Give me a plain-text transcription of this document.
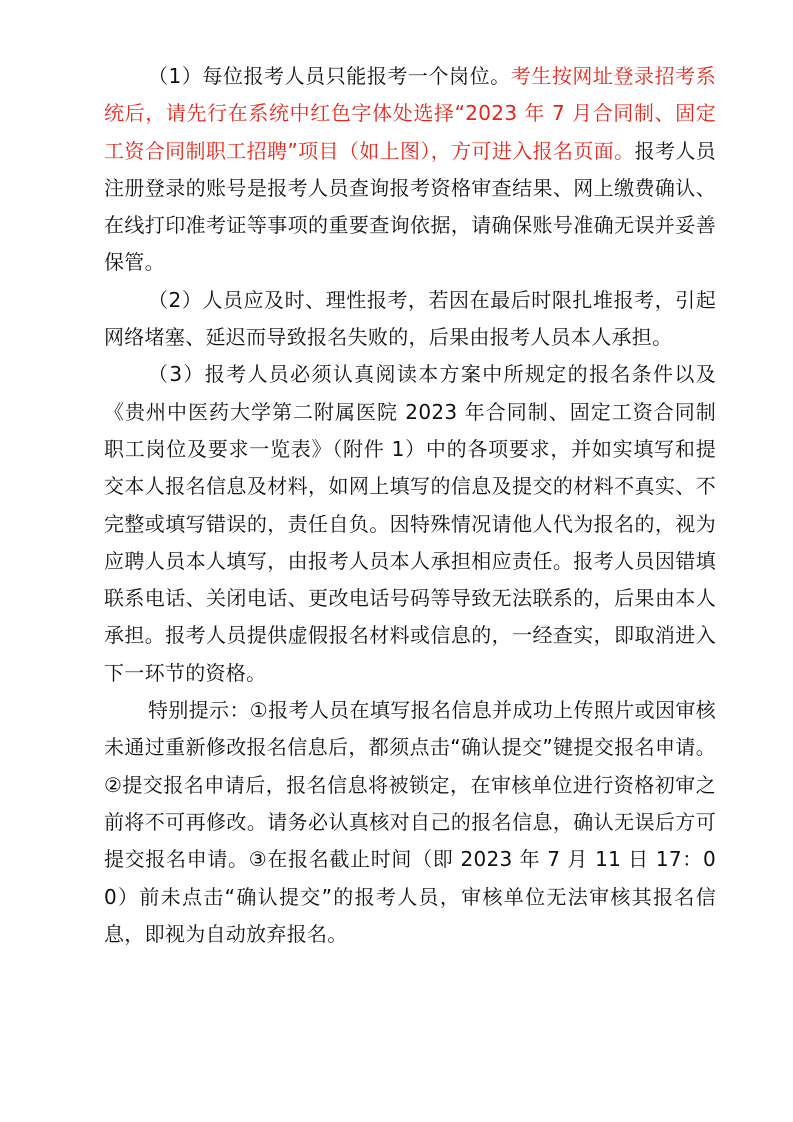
（1）每位报考人员只能报考一个岗位。考生按网址登录招考系统后，请先行在系统中红色字体处选择“2023 年 7 月合同制、固定工资合同制职工招聘”项目（如上图），方可进入报名页面。报考人员注册登录的账号是报考人员查询报考资格审查结果、网上缴费确认、在线打印准考证等事项的重要查询依据，请确保账号准确无误并妥善保管。

（2）人员应及时、理性报考，若因在最后时限扎堆报考，引起网络堵塞、延迟而导致报名失败的，后果由报考人员本人承担。

（3）报考人员必须认真阅读本方案中所规定的报名条件以及《贵州中医药大学第二附属医院 2023 年合同制、固定工资合同制职工岗位及要求一览表》（附件 1）中的各项要求，并如实填写和提交本人报名信息及材料，如网上填写的信息及提交的材料不真实、不完整或填写错误的，责任自负。因特殊情况请他人代为报名的，视为应聘人员本人填写，由报考人员本人承担相应责任。报考人员因错填联系电话、关闭电话、更改电话号码等导致无法联系的，后果由本人承担。报考人员提供虚假报名材料或信息的，一经查实，即取消进入下一环节的资格。

特别提示：①报考人员在填写报名信息并成功上传照片或因审核未通过重新修改报名信息后，都须点击“确认提交”键提交报名申请。②提交报名申请后，报名信息将被锁定，在审核单位进行资格初审之前将不可再修改。请务必认真核对自己的报名信息，确认无误后方可提交报名申请。③在报名截止时间（即 2023 年 7 月 11 日 17：00）前未点击“确认提交”的报考人员，审核单位无法审核其报名信息，即视为自动放弃报名。
